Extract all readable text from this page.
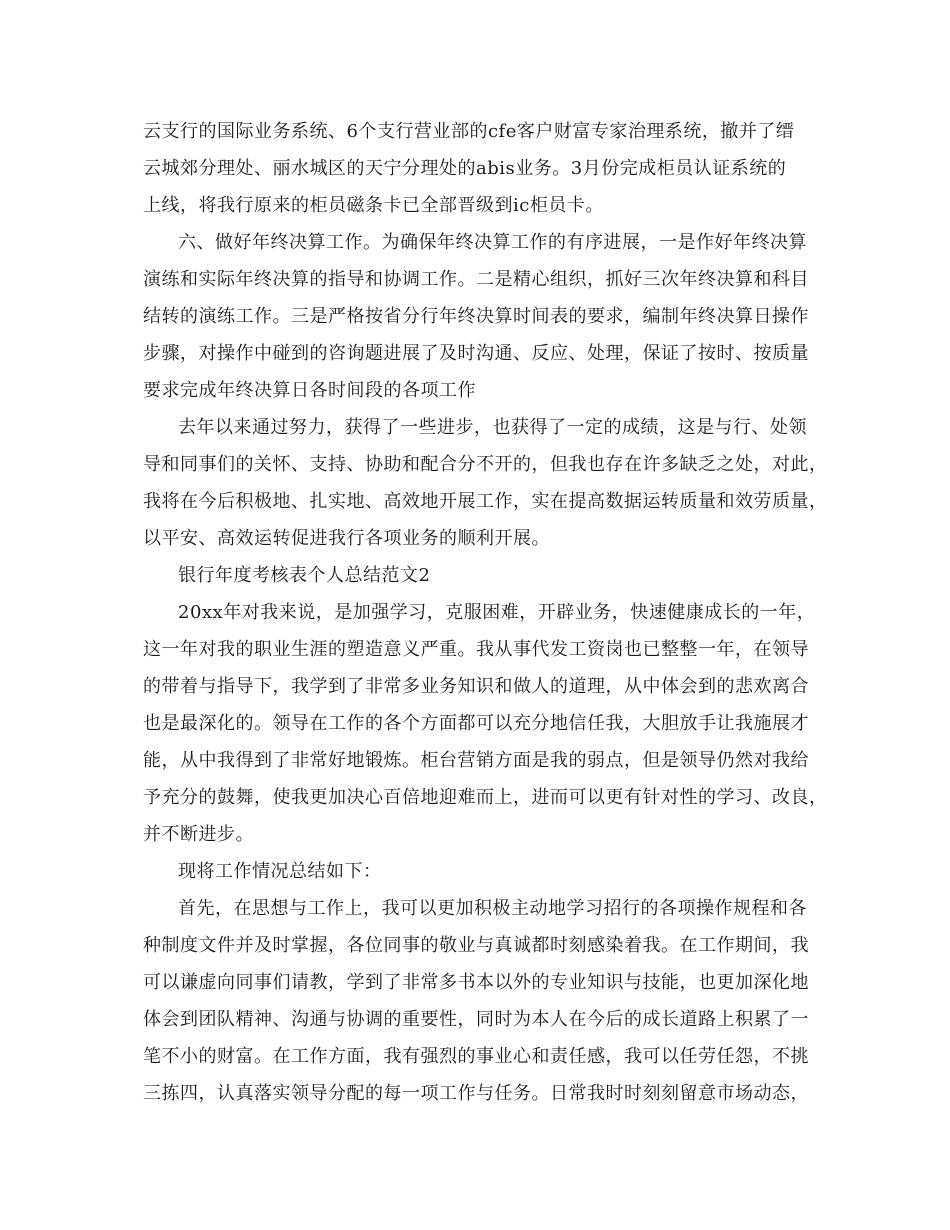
云支行的国际业务系统、6个支行营业部的cfe客户财富专家治理系统，撤并了缙
云城郊分理处、丽水城区的天宁分理处的abis业务。3月份完成柜员认证系统的
上线，将我行原来的柜员磁条卡已全部晋级到ic柜员卡。
六、做好年终决算工作。为确保年终决算工作的有序进展，一是作好年终决算
演练和实际年终决算的指导和协调工作。二是精心组织，抓好三次年终决算和科目
结转的演练工作。三是严格按省分行年终决算时间表的要求，编制年终决算日操作
步骤，对操作中碰到的咨询题进展了及时沟通、反应、处理，保证了按时、按质量
要求完成年终决算日各时间段的各项工作
去年以来通过努力，获得了一些进步，也获得了一定的成绩，这是与行、处领
导和同事们的关怀、支持、协助和配合分不开的，但我也存在许多缺乏之处，对此，
我将在今后积极地、扎实地、高效地开展工作，实在提高数据运转质量和效劳质量，
以平安、高效运转促进我行各项业务的顺利开展。
银行年度考核表个人总结范文2
20xx年对我来说，是加强学习，克服困难，开辟业务，快速健康成长的一年，
这一年对我的职业生涯的塑造意义严重。我从事代发工资岗也已整整一年，在领导
的带着与指导下，我学到了非常多业务知识和做人的道理，从中体会到的悲欢离合
也是最深化的。领导在工作的各个方面都可以充分地信任我，大胆放手让我施展才
能，从中我得到了非常好地锻炼。柜台营销方面是我的弱点，但是领导仍然对我给
予充分的鼓舞，使我更加决心百倍地迎难而上，进而可以更有针对性的学习、改良，
并不断进步。
现将工作情况总结如下：
首先，在思想与工作上，我可以更加积极主动地学习招行的各项操作规程和各
种制度文件并及时掌握，各位同事的敬业与真诚都时刻感染着我。在工作期间，我
可以谦虚向同事们请教，学到了非常多书本以外的专业知识与技能，也更加深化地
体会到团队精神、沟通与协调的重要性，同时为本人在今后的成长道路上积累了一
笔不小的财富。在工作方面，我有强烈的事业心和责任感，我可以任劳任怨，不挑
三拣四，认真落实领导分配的每一项工作与任务。日常我时时刻刻留意市场动态，
